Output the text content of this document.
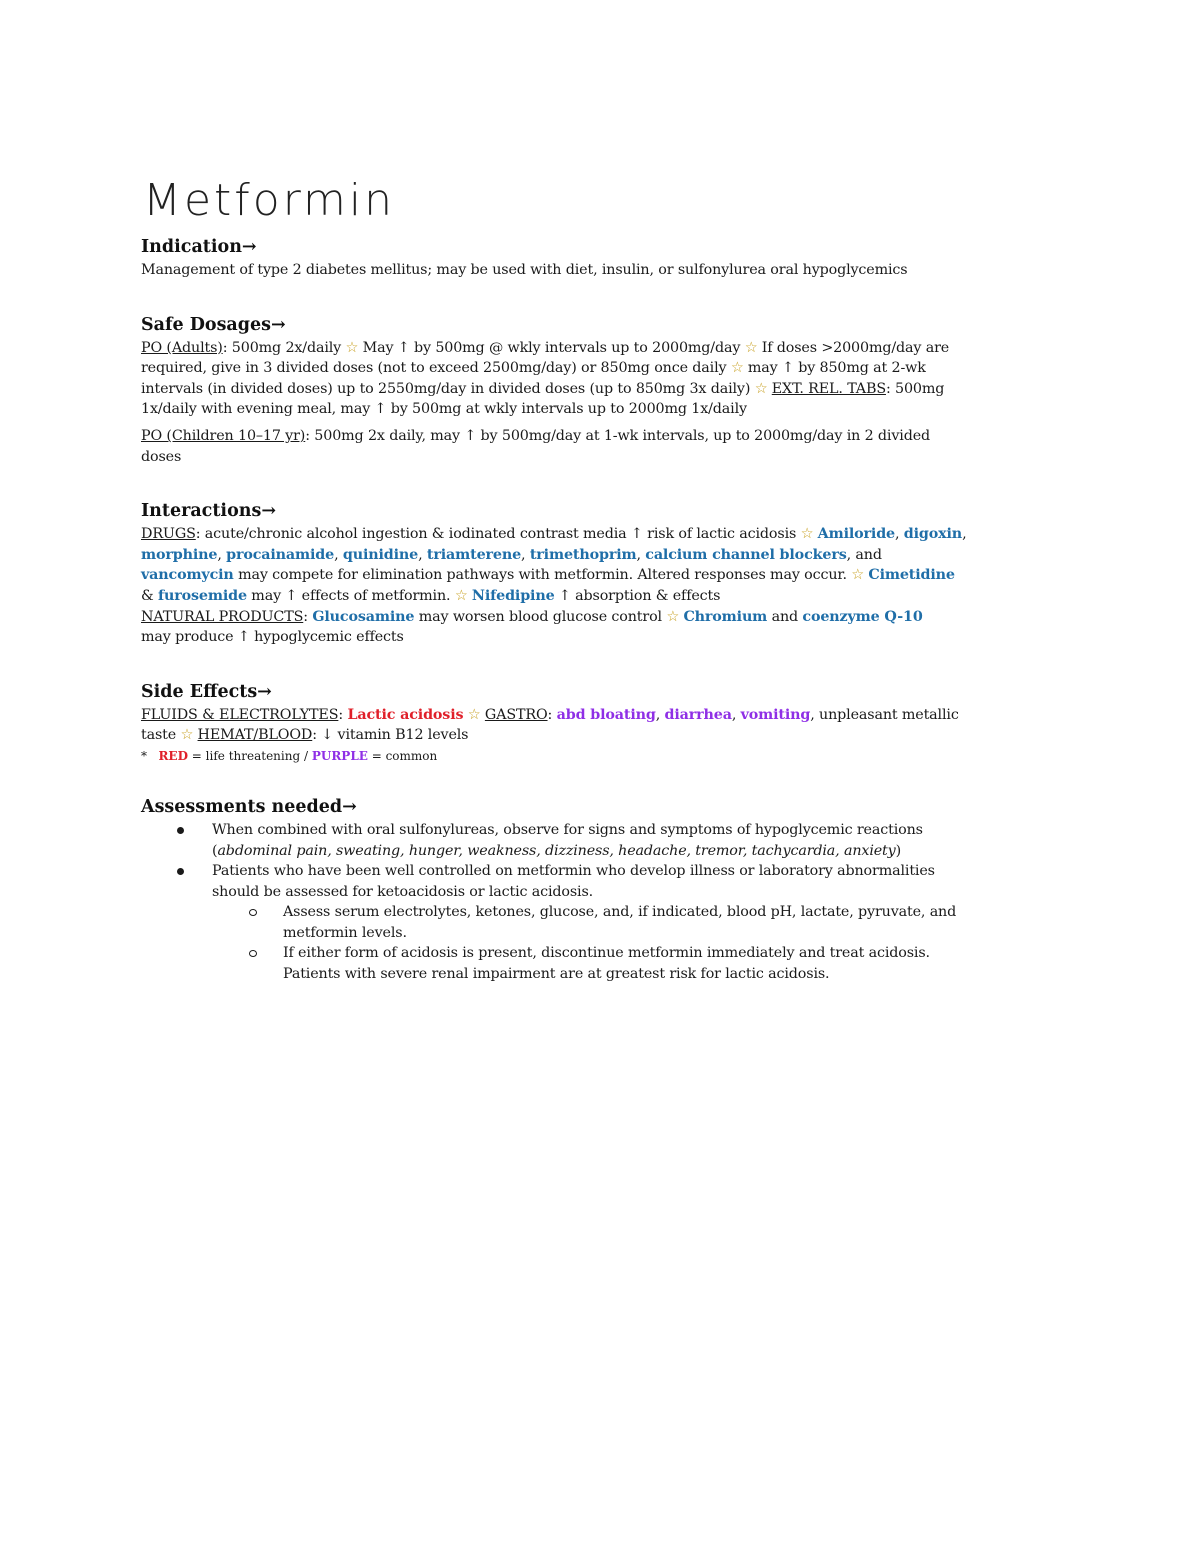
Metformin

Indication→

Management of type 2 diabetes mellitus; may be used with diet, insulin, or sulfonylurea oral hypoglycemics

Safe Dosages→

PO (Adults): 500mg 2x/daily ☆ May ↑ by 500mg @ wkly intervals up to 2000mg/day ☆ If doses >2000mg/day are required, give in 3 divided doses (not to exceed 2500mg/day) or 850mg once daily ☆ may ↑ by 850mg at 2-wk intervals (in divided doses) up to 2550mg/day in divided doses (up to 850mg 3x daily) ☆ EXT. REL. TABS: 500mg 1x/daily with evening meal, may ↑ by 500mg at wkly intervals up to 2000mg 1x/daily

PO (Children 10–17 yr): 500mg 2x daily, may ↑ by 500mg/day at 1-wk intervals, up to 2000mg/day in 2 divided doses

Interactions→

DRUGS: acute/chronic alcohol ingestion & iodinated contrast media ↑ risk of lactic acidosis ☆ Amiloride, digoxin, morphine, procainamide, quinidine, triamterene, trimethoprim, calcium channel blockers, and vancomycin may compete for elimination pathways with metformin. Altered responses may occur. ☆ Cimetidine & furosemide may ↑ effects of metformin. ☆ Nifedipine ↑ absorption & effects
NATURAL PRODUCTS: Glucosamine may worsen blood glucose control ☆ Chromium and coenzyme Q-10
may produce ↑ hypoglycemic effects

Side Effects→

FLUIDS & ELECTROLYTES: Lactic acidosis ☆ GASTRO: abd bloating, diarrhea, vomiting, unpleasant metallic taste ☆ HEMAT/BLOOD: ↓ vitamin B12 levels

* RED = life threatening / PURPLE = common

Assessments needed→

When combined with oral sulfonylureas, observe for signs and symptoms of hypoglycemic reactions (abdominal pain, sweating, hunger, weakness, dizziness, headache, tremor, tachycardia, anxiety)
Patients who have been well controlled on metformin who develop illness or laboratory abnormalities should be assessed for ketoacidosis or lactic acidosis.
Assess serum electrolytes, ketones, glucose, and, if indicated, blood pH, lactate, pyruvate, and metformin levels.
If either form of acidosis is present, discontinue metformin immediately and treat acidosis. Patients with severe renal impairment are at greatest risk for lactic acidosis.
